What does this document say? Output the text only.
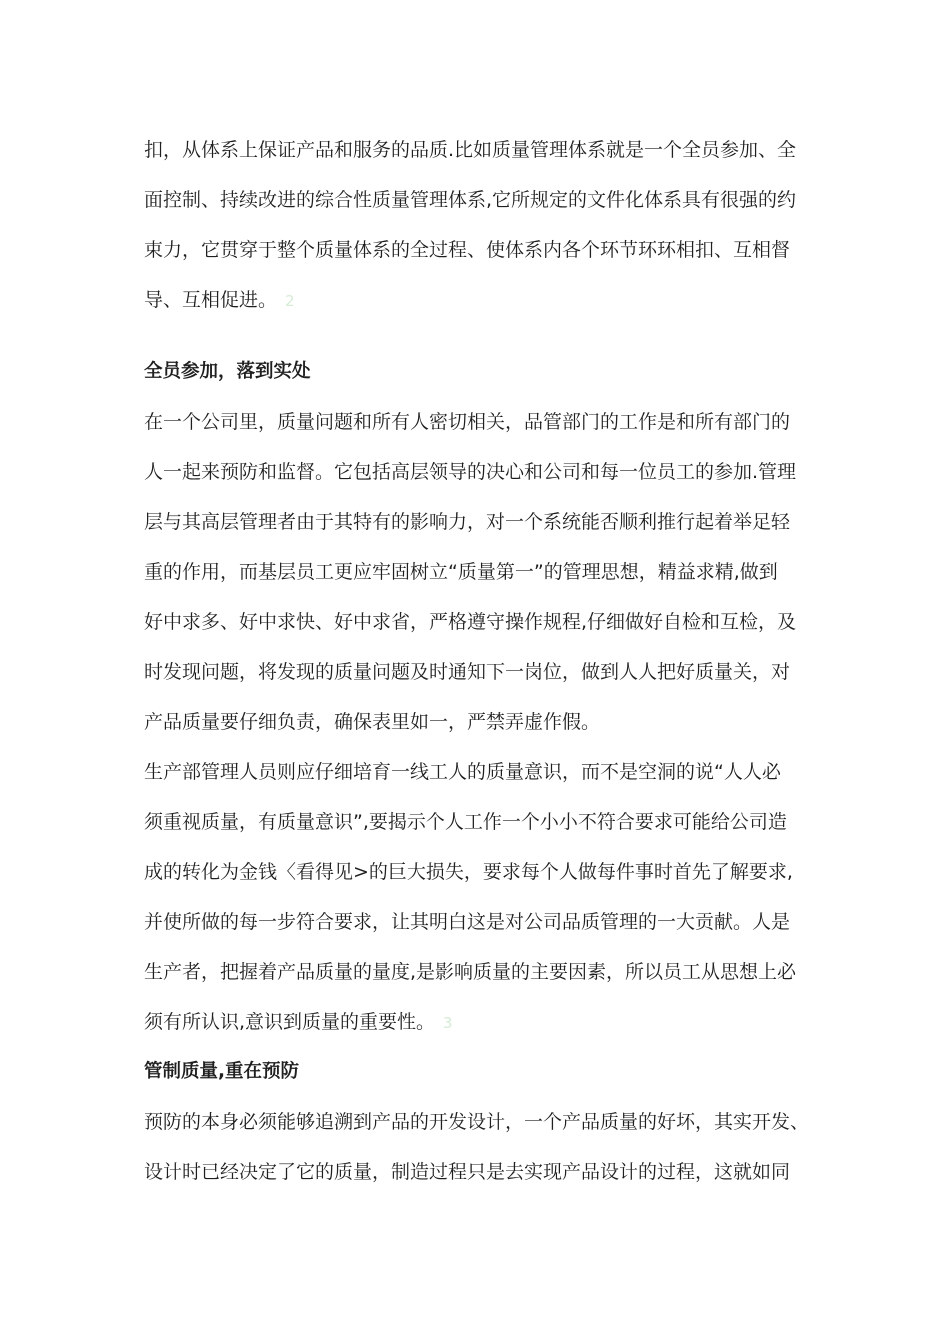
扣，从体系上保证产品和服务的品质.比如质量管理体系就是一个全员参加、全
面控制、持续改进的综合性质量管理体系,它所规定的文件化体系具有很强的约
束力，它贯穿于整个质量体系的全过程、使体系内各个环节环环相扣、互相督
导、互相促进。 2
全员参加，落到实处
在一个公司里，质量问题和所有人密切相关，品管部门的工作是和所有部门的
人一起来预防和监督。它包括高层领导的决心和公司和每一位员工的参加.管理
层与其高层管理者由于其特有的影响力，对一个系统能否顺利推行起着举足轻
重的作用，而基层员工更应牢固树立“质量第一”的管理思想，精益求精,做到
好中求多、好中求快、好中求省，严格遵守操作规程,仔细做好自检和互检，及
时发现问题，将发现的质量问题及时通知下一岗位，做到人人把好质量关，对
产品质量要仔细负责，确保表里如一，严禁弄虚作假。
生产部管理人员则应仔细培育一线工人的质量意识，而不是空洞的说“人人必
须重视质量，有质量意识”,要揭示个人工作一个小小不符合要求可能给公司造
成的转化为金钱〈看得见>的巨大损失，要求每个人做每件事时首先了解要求,
并使所做的每一步符合要求，让其明白这是对公司品质管理的一大贡献。人是
生产者，把握着产品质量的量度,是影响质量的主要因素，所以员工从思想上必
须有所认识,意识到质量的重要性。 3
管制质量,重在预防
预防的本身必须能够追溯到产品的开发设计，一个产品质量的好坏，其实开发、
设计时已经决定了它的质量，制造过程只是去实现产品设计的过程，这就如同
